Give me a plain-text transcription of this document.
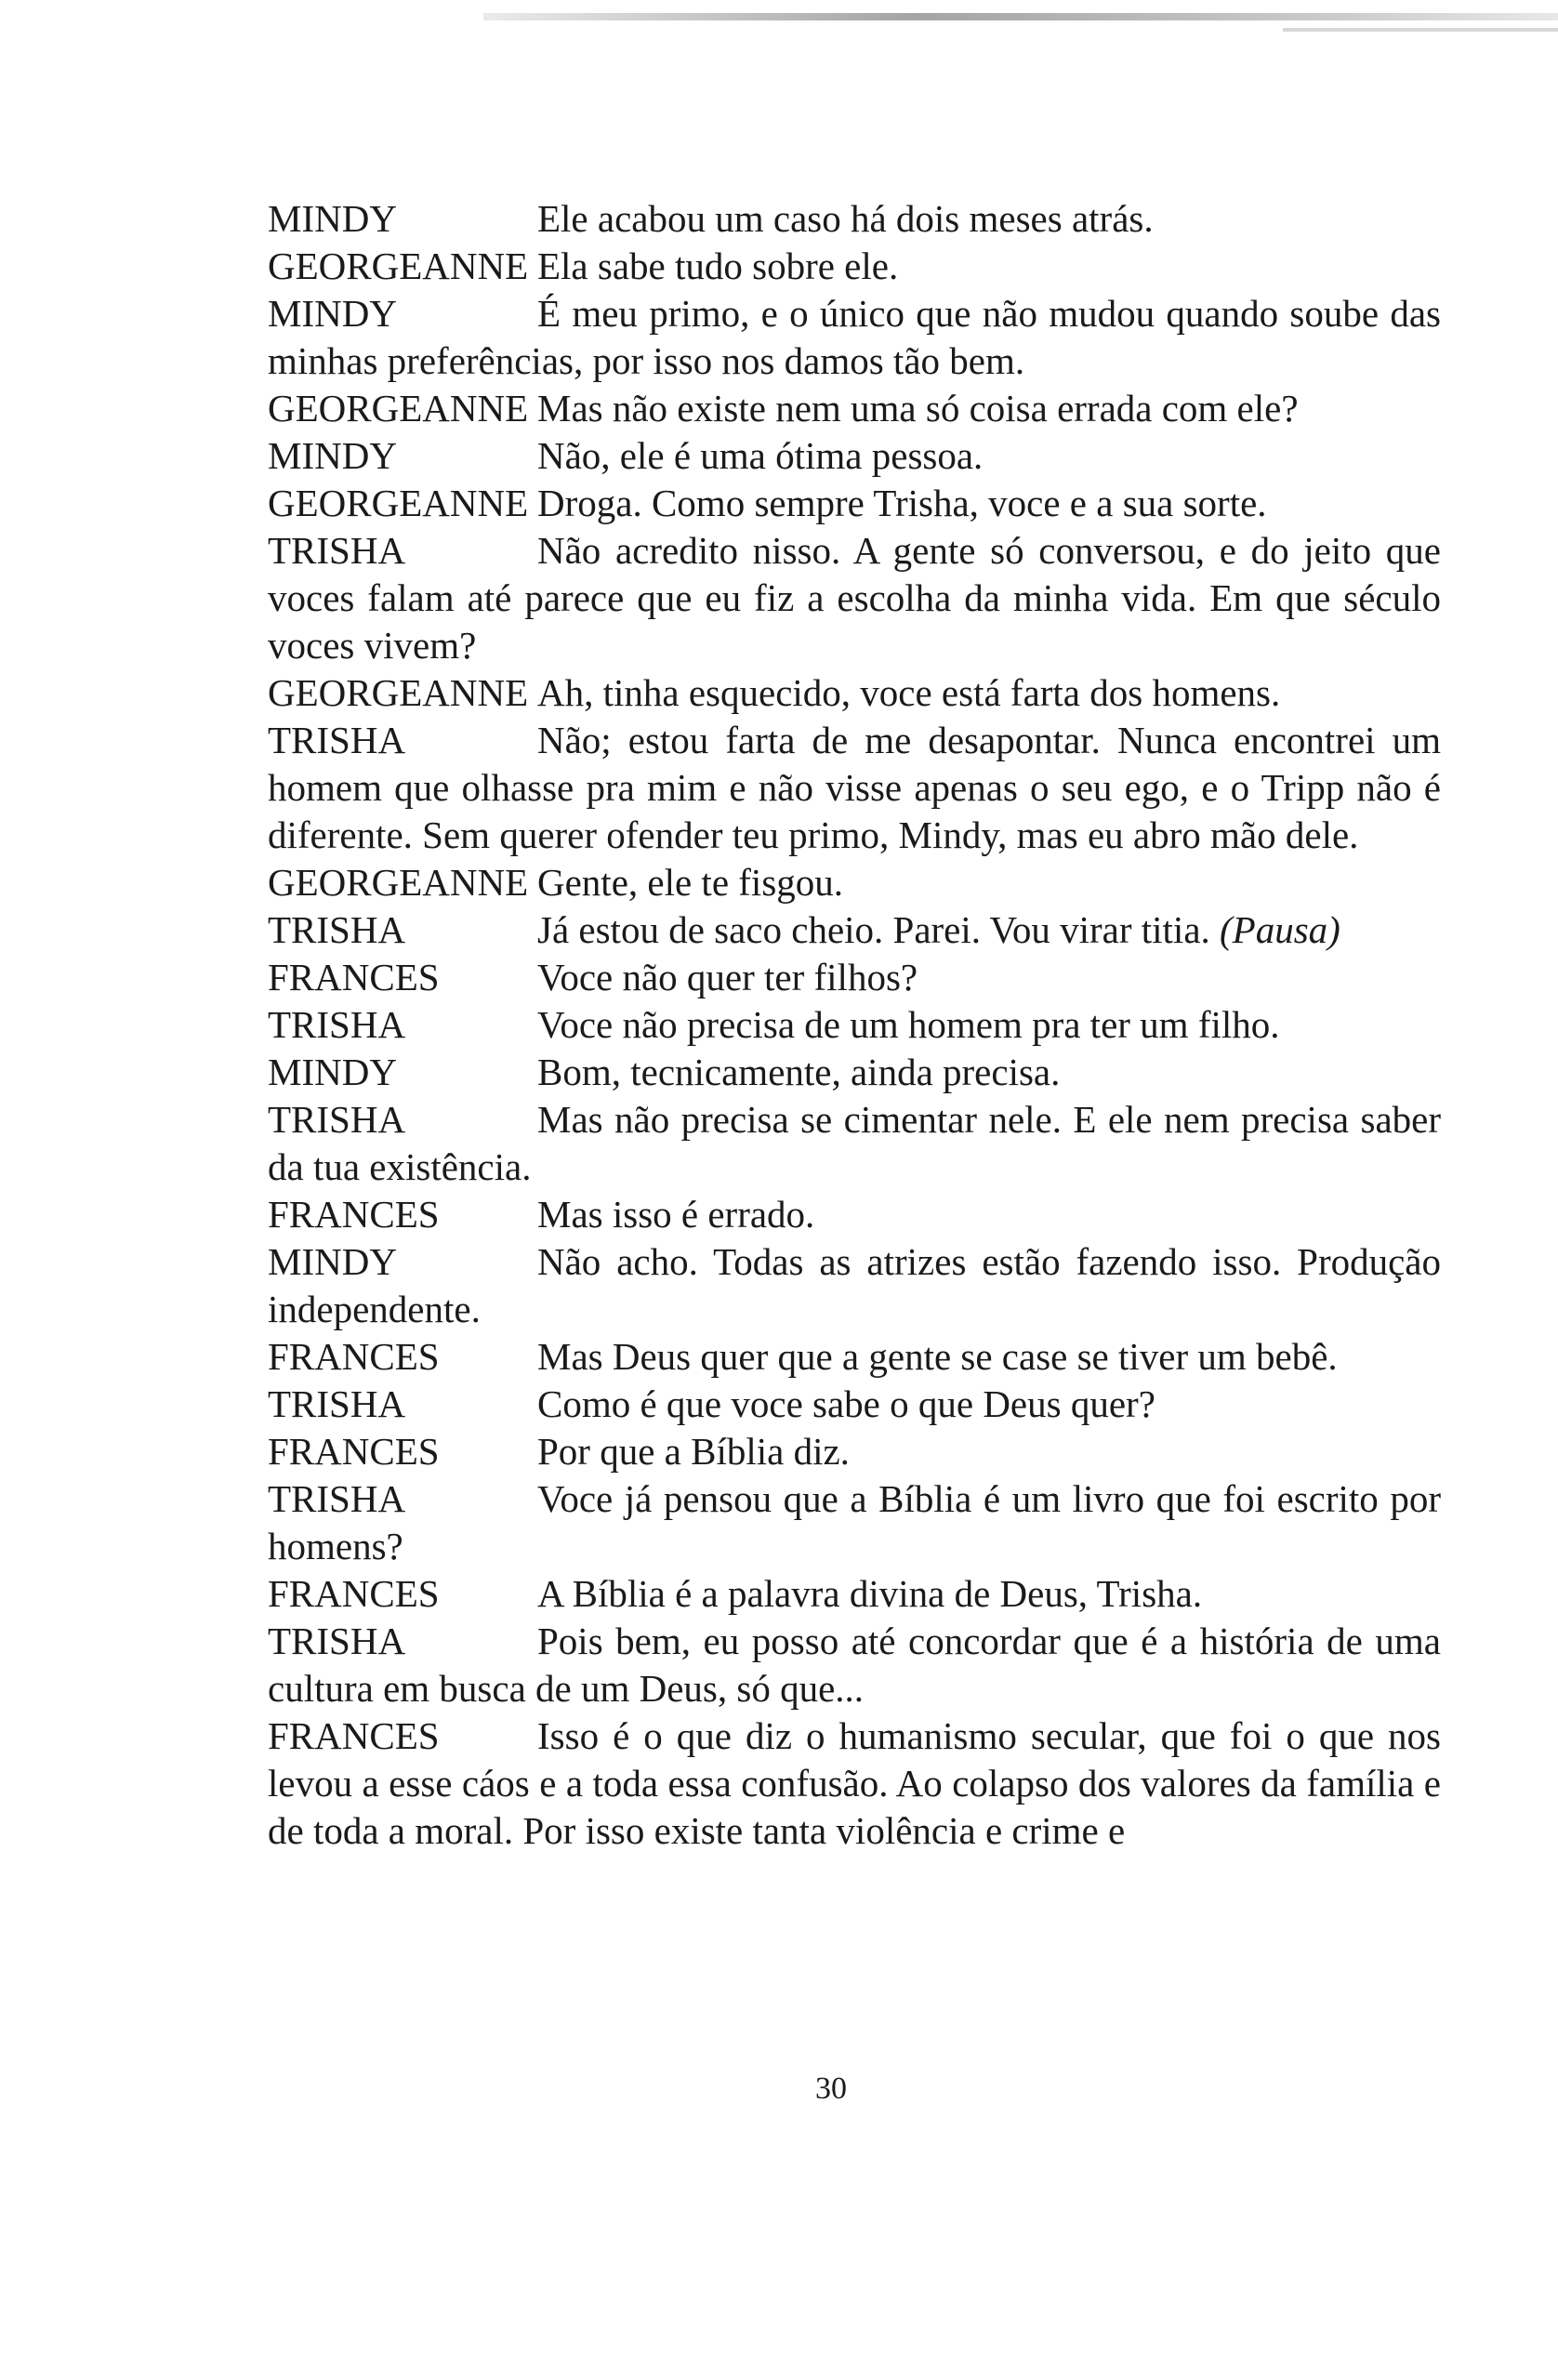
MINDY	Ele acabou um caso há dois meses atrás.

GEORGEANNE Ela sabe tudo sobre ele.

MINDY	É meu primo, e o único que não mudou quando soube das minhas preferências, por isso nos damos tão bem.

GEORGEANNE Mas não existe nem uma só coisa errada com ele?

MINDY	Não, ele é uma ótima pessoa.

GEORGEANNE Droga. Como sempre Trisha, voce e a sua sorte.

TRISHA	Não acredito nisso. A gente só conversou, e do jeito que voces falam até parece que eu fiz a escolha da minha vida. Em que século voces vivem?

GEORGEANNE Ah, tinha esquecido, voce está farta dos homens.

TRISHA	Não; estou farta de me desapontar. Nunca encontrei um homem que olhasse pra mim e não visse apenas o seu ego, e o Tripp não é diferente. Sem querer ofender teu primo, Mindy, mas eu abro mão dele.

GEORGEANNE Gente, ele te fisgou.

TRISHA	Já estou de saco cheio. Parei. Vou virar titia. (Pausa)

FRANCES	Voce não quer ter filhos?

TRISHA	Voce não precisa de um homem pra ter um filho.

MINDY	Bom, tecnicamente, ainda precisa.

TRISHA	Mas não precisa se cimentar nele. E ele nem precisa saber da tua existência.

FRANCES	Mas isso é errado.

MINDY	Não acho. Todas as atrizes estão fazendo isso. Produção independente.

FRANCES	Mas Deus quer que a gente se case se tiver um bebê.

TRISHA	Como é que voce sabe o que Deus quer?

FRANCES	Por que a Bíblia diz.

TRISHA	Voce já pensou que a Bíblia é um livro que foi escrito por homens?

FRANCES	A Bíblia é a palavra divina de Deus, Trisha.

TRISHA	Pois bem, eu posso até concordar que é a história de uma cultura em busca de um Deus, só que...

FRANCES	Isso é o que diz o humanismo secular, que foi o que nos levou a esse cáos e a toda essa confusão. Ao colapso dos valores da família e de toda a moral. Por isso existe tanta violência e crime e

30
